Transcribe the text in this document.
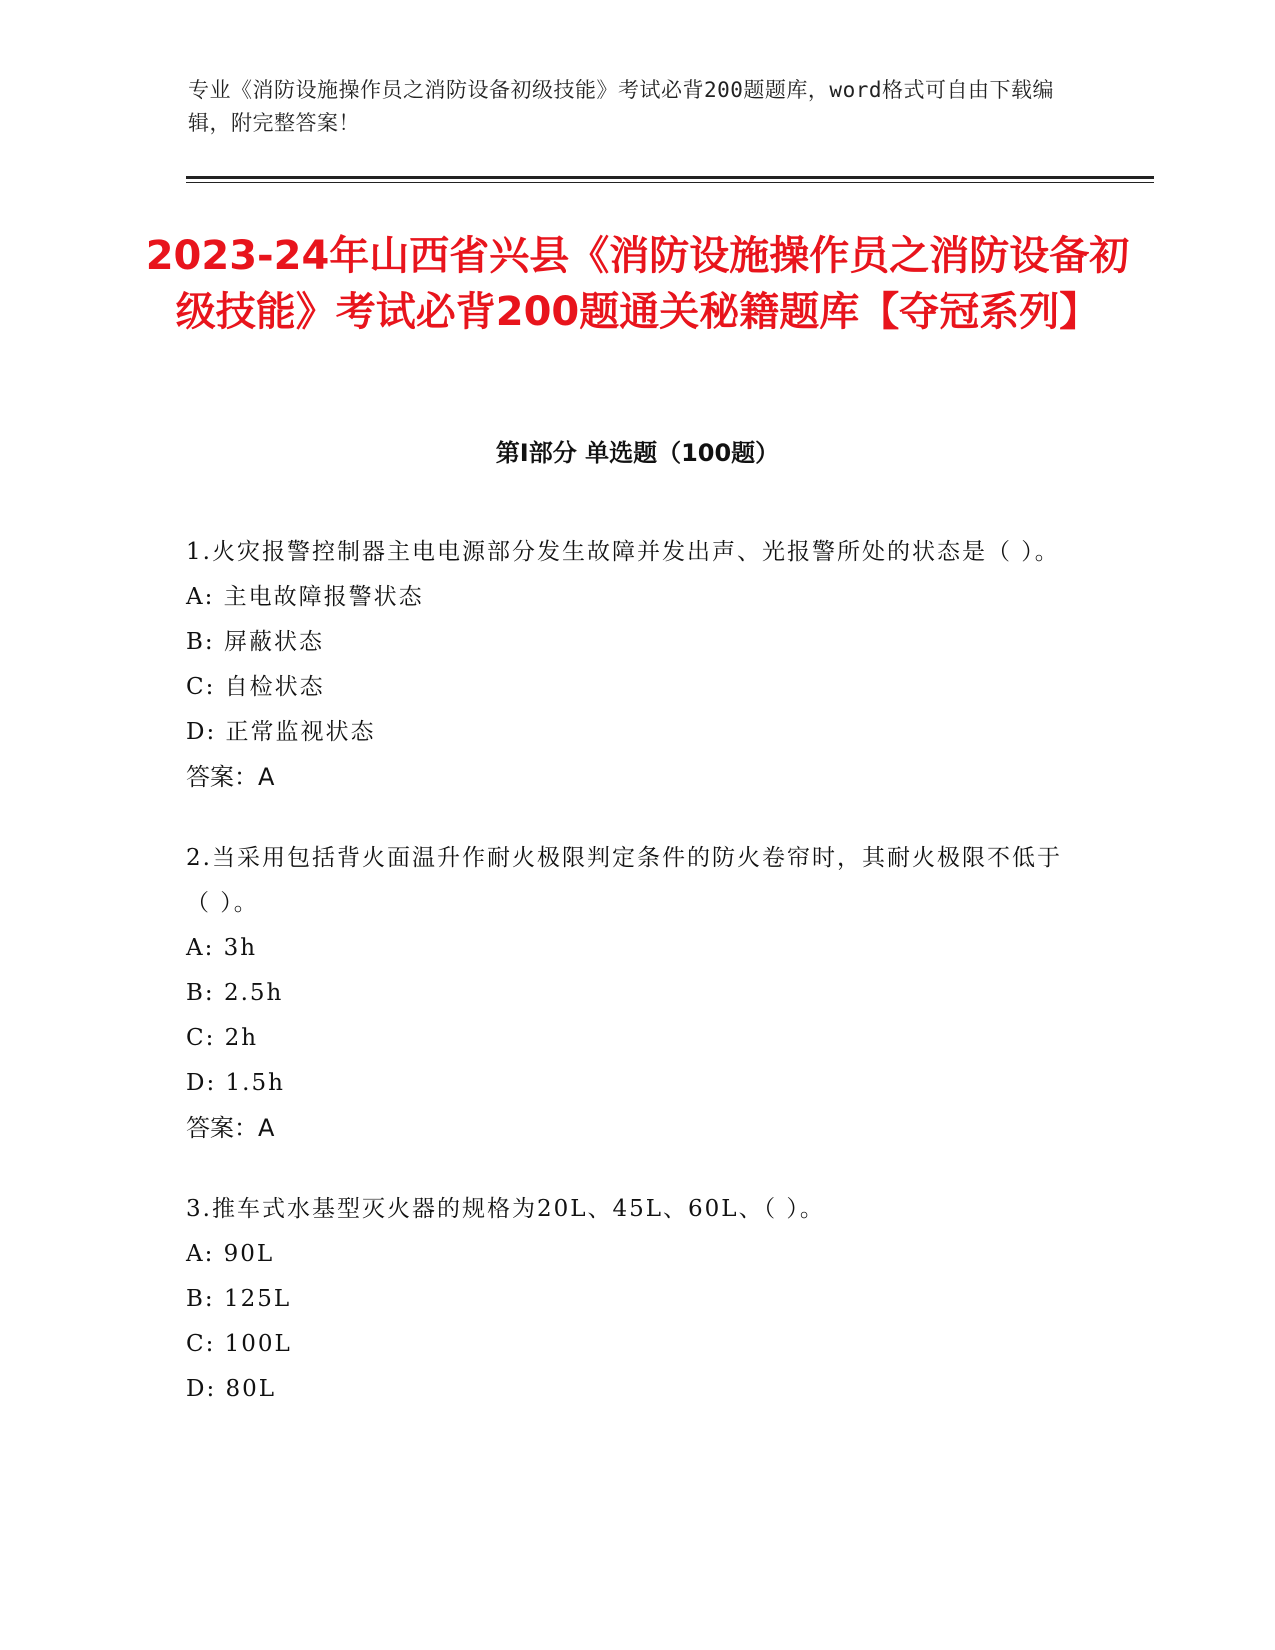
专业《消防设施操作员之消防设备初级技能》考试必背200题题库，word格式可自由下载编辑，附完整答案！
2023-24年山西省兴县《消防设施操作员之消防设备初级技能》考试必背200题通关秘籍题库【夺冠系列】
第I部分 单选题（100题）
1.火灾报警控制器主电电源部分发生故障并发出声、光报警所处的状态是（ ）。
A: 主电故障报警状态
B: 屏蔽状态
C: 自检状态
D: 正常监视状态
答案：A
2.当采用包括背火面温升作耐火极限判定条件的防火卷帘时，其耐火极限不低于（ ）。
A: 3h
B: 2.5h
C: 2h
D: 1.5h
答案：A
3.推车式水基型灭火器的规格为20L、45L、60L、（ ）。
A: 90L
B: 125L
C: 100L
D: 80L
